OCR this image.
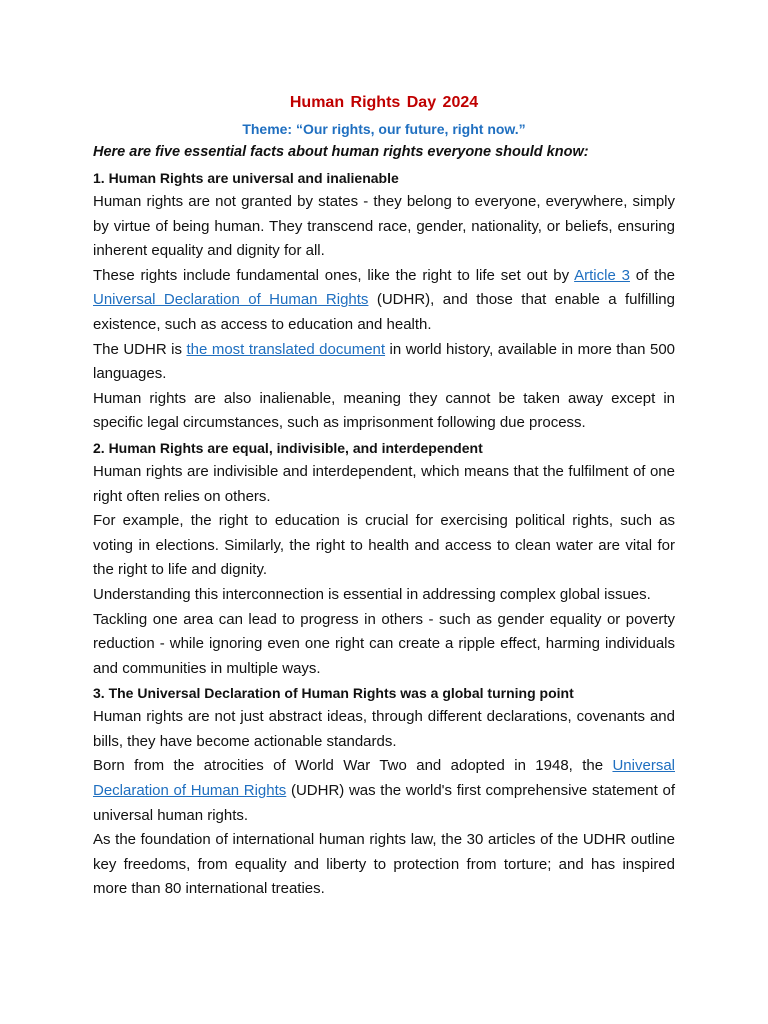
Human Rights Day 2024
Theme: “Our rights, our future, right now.”
Here are five essential facts about human rights everyone should know:
1. Human Rights are universal and inalienable

Human rights are not granted by states - they belong to everyone, everywhere, simply by virtue of being human. They transcend race, gender, nationality, or beliefs, ensuring inherent equality and dignity for all.

These rights include fundamental ones, like the right to life set out by Article 3 of the Universal Declaration of Human Rights (UDHR), and those that enable a fulfilling existence, such as access to education and health.

The UDHR is the most translated document in world history, available in more than 500 languages.

Human rights are also inalienable, meaning they cannot be taken away except in specific legal circumstances, such as imprisonment following due process.

2. Human Rights are equal, indivisible, and interdependent

Human rights are indivisible and interdependent, which means that the fulfilment of one right often relies on others.

For example, the right to education is crucial for exercising political rights, such as voting in elections. Similarly, the right to health and access to clean water are vital for the right to life and dignity.

Understanding this interconnection is essential in addressing complex global issues.

Tackling one area can lead to progress in others - such as gender equality or poverty reduction - while ignoring even one right can create a ripple effect, harming individuals and communities in multiple ways.

3. The Universal Declaration of Human Rights was a global turning point

Human rights are not just abstract ideas, through different declarations, covenants and bills, they have become actionable standards.

Born from the atrocities of World War Two and adopted in 1948, the Universal Declaration of Human Rights (UDHR) was the world's first comprehensive statement of universal human rights.

As the foundation of international human rights law, the 30 articles of the UDHR outline key freedoms, from equality and liberty to protection from torture; and has inspired more than 80 international treaties.
